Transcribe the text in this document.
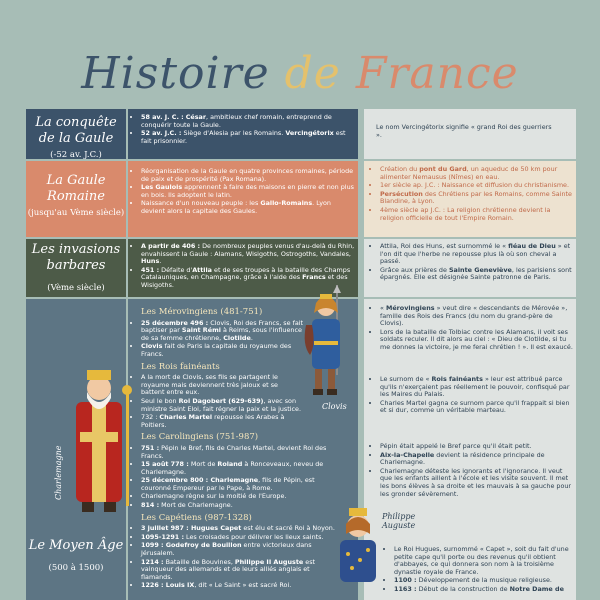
Histoire de France
La conquête de la Gaule
(-52 av. J.C.)
• 58 av. J. C. : César, ambitieux chef romain, entreprend de conquérir toute la Gaule.
• 52 av. J.C. : Siège d'Alesia par les Romains. Vercingétorix est fait prisonnier.
Le nom Vercingétorix signifie « grand Roi des guerriers ».
La Gaule Romaine
(jusqu'au Vème siècle)
• Réorganisation de la Gaule en quatre provinces romaines, période de paix et de prospérité (Pax Romana).
• Les Gaulois apprennent à faire des maisons en pierre et non plus en bois. Ils adoptent le latin.
• Naissance d'un nouveau peuple : les Gallo-Romains. Lyon devient alors la capitale des Gaules.
• Création du pont du Gard, un aqueduc de 50 km pour alimenter Nemausus (Nîmes) en eau.
• 1er siècle ap. J.C. : Naissance et diffusion du christianisme.
• Persécution des Chrétiens par les Romains, comme Sainte Blandine, à Lyon.
• 4ème siècle ap J.C. : La religion chrétienne devient la religion officielle de tout l'Empire Romain.
Les invasions barbares
(Vème siècle)
• A partir de 406 : De nombreux peuples venus d'au-delà du Rhin, envahissent la Gaule : Alamans, Wisigoths, Ostrogoths, Vandales, Huns.
• 451 : Défaite d'Attila et de ses troupes à la bataille des Champs Catalauniques, en Champagne, grâce à l'aide des Francs et des Wisigoths.
• Attila, Roi des Huns, est surnommé le « fléau de Dieu » et l'on dit que l'herbe ne repousse plus là où son cheval a passé.
• Grâce aux prières de Sainte Geneviève, les parisiens sont épargnés. Elle est désignée Sainte patronne de Paris.
Le Moyen Âge
(500 à 1500)
Charlemagne
Les Mérovingiens (481-751)
• 25 décembre 496 : Clovis, Roi des Francs, se fait baptiser par Saint Rémi à Reims, sous l'influence de sa femme chrétienne, Clotilde.
• Clovis fait de Paris la capitale du royaume des Francs.
Les Rois fainéants
• A la mort de Clovis, ses fils se partagent le royaume mais deviennent très jaloux et se battent entre eux.
• Seul le bon Roi Dagobert (629-639), avec son ministre Saint Eloi, fait régner la paix et la justice.
• 732 : Charles Martel repousse les Arabes à Poitiers.
Les Carolingiens (751-987)
• 751 : Pépin le Bref, fils de Charles Martel, devient Roi des Francs.
• 15 août 778 : Mort de Roland à Ronceveaux, neveu de Charlemagne.
• 25 décembre 800 : Charlemagne, fils de Pépin, est couronné Empereur par le Pape, à Rome.
• Charlemagne règne sur la moitié de l'Europe.
• 814 : Mort de Charlemagne.
Les Capétiens (987-1328)
• 3 juillet 987 : Hugues Capet est élu et sacré Roi à Noyon.
• 1095-1291 : Les croisades pour délivrer les lieux saints.
• 1099 : Godefroy de Bouillon entre victorieux dans Jérusalem.
• 1214 : Bataille de Bouvines, Philippe II Auguste est vainqueur des allemands et de leurs alliés anglais et flamands.
• 1226 : Louis IX, dit « Le Saint » est sacré Roi.
Clovis
Philippe Auguste
• « Mérovingiens » veut dire « descendants de Mérovée », famille des Rois des Francs (du nom du grand-père de Clovis).
• Lors de la bataille de Tolbiac contre les Alamans, il voit ses soldats reculer. Il dit alors au ciel : « Dieu de Clotilde, si tu me donnes la victoire, je me ferai chrétien ! ». Il est exaucé.
• Le surnom de « Rois fainéants » leur est attribué parce qu'ils n'exerçaient pas réellement le pouvoir, confisqué par les Maires du Palais.
• Charles Martel gagna ce surnom parce qu'il frappait si bien et si dur, comme un véritable marteau.
• Pépin était appelé le Bref parce qu'il était petit.
• Aix-la-Chapelle devient la résidence principale de Charlemagne.
• Charlemagne déteste les ignorants et l'ignorance. Il veut que les enfants aillent à l'école et les visite souvent. Il met les bons élèves à sa droite et les mauvais à sa gauche pour les gronder sévèrement.
• Le Roi Hugues, surnommé « Capet », soit du fait d'une petite cape qu'il porte ou des revenus qu'il obtient d'abbayes, ce qui donnera son nom à la troisième dynastie royale de France.
• 1100 : Développement de la musique religieuse.
• 1163 : Début de la construction de Notre Dame de
